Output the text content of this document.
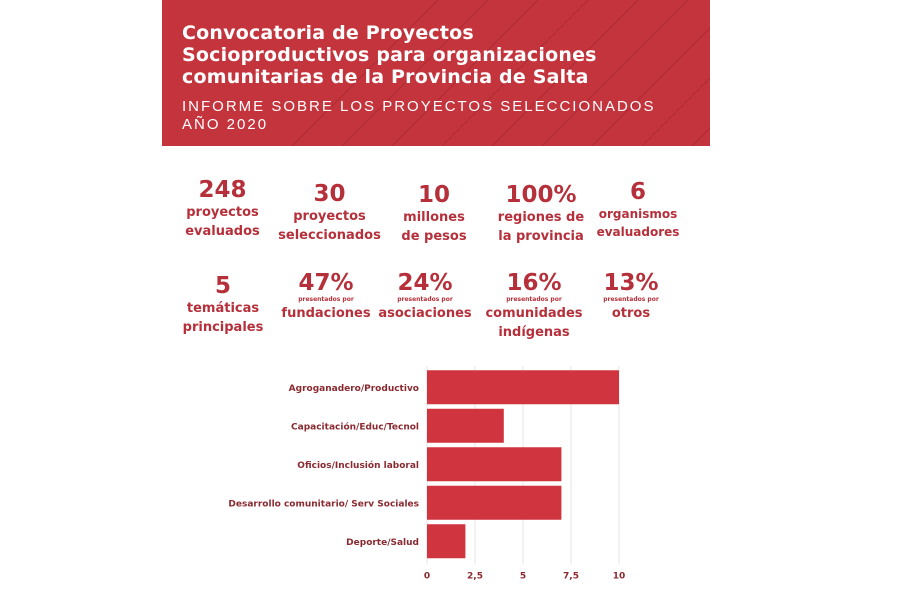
Convocatoria de Proyectos
Socioproductivos para organizaciones
comunitarias de la Provincia de Salta
INFORME SOBRE LOS PROYECTOS SELECCIONADOS
AÑO 2020
248
proyectos
evaluados
30
proyectos
seleccionados
10
millones
de pesos
100%
regiones de
la provincia
6
organismos
evaluadores
5
temáticas
principales
47%
presentados por
fundaciones
24%
presentados por
asociaciones
16%
presentados por
comunidades
indígenas
13%
presentados por
otros
Agroganadero/Productivo
Capacitación/Educ/Tecnol
Oficios/Inclusión laboral
Desarrollo comunitario/ Serv Sociales
Deporte/Salud
0	2,5	5	7,5	10
